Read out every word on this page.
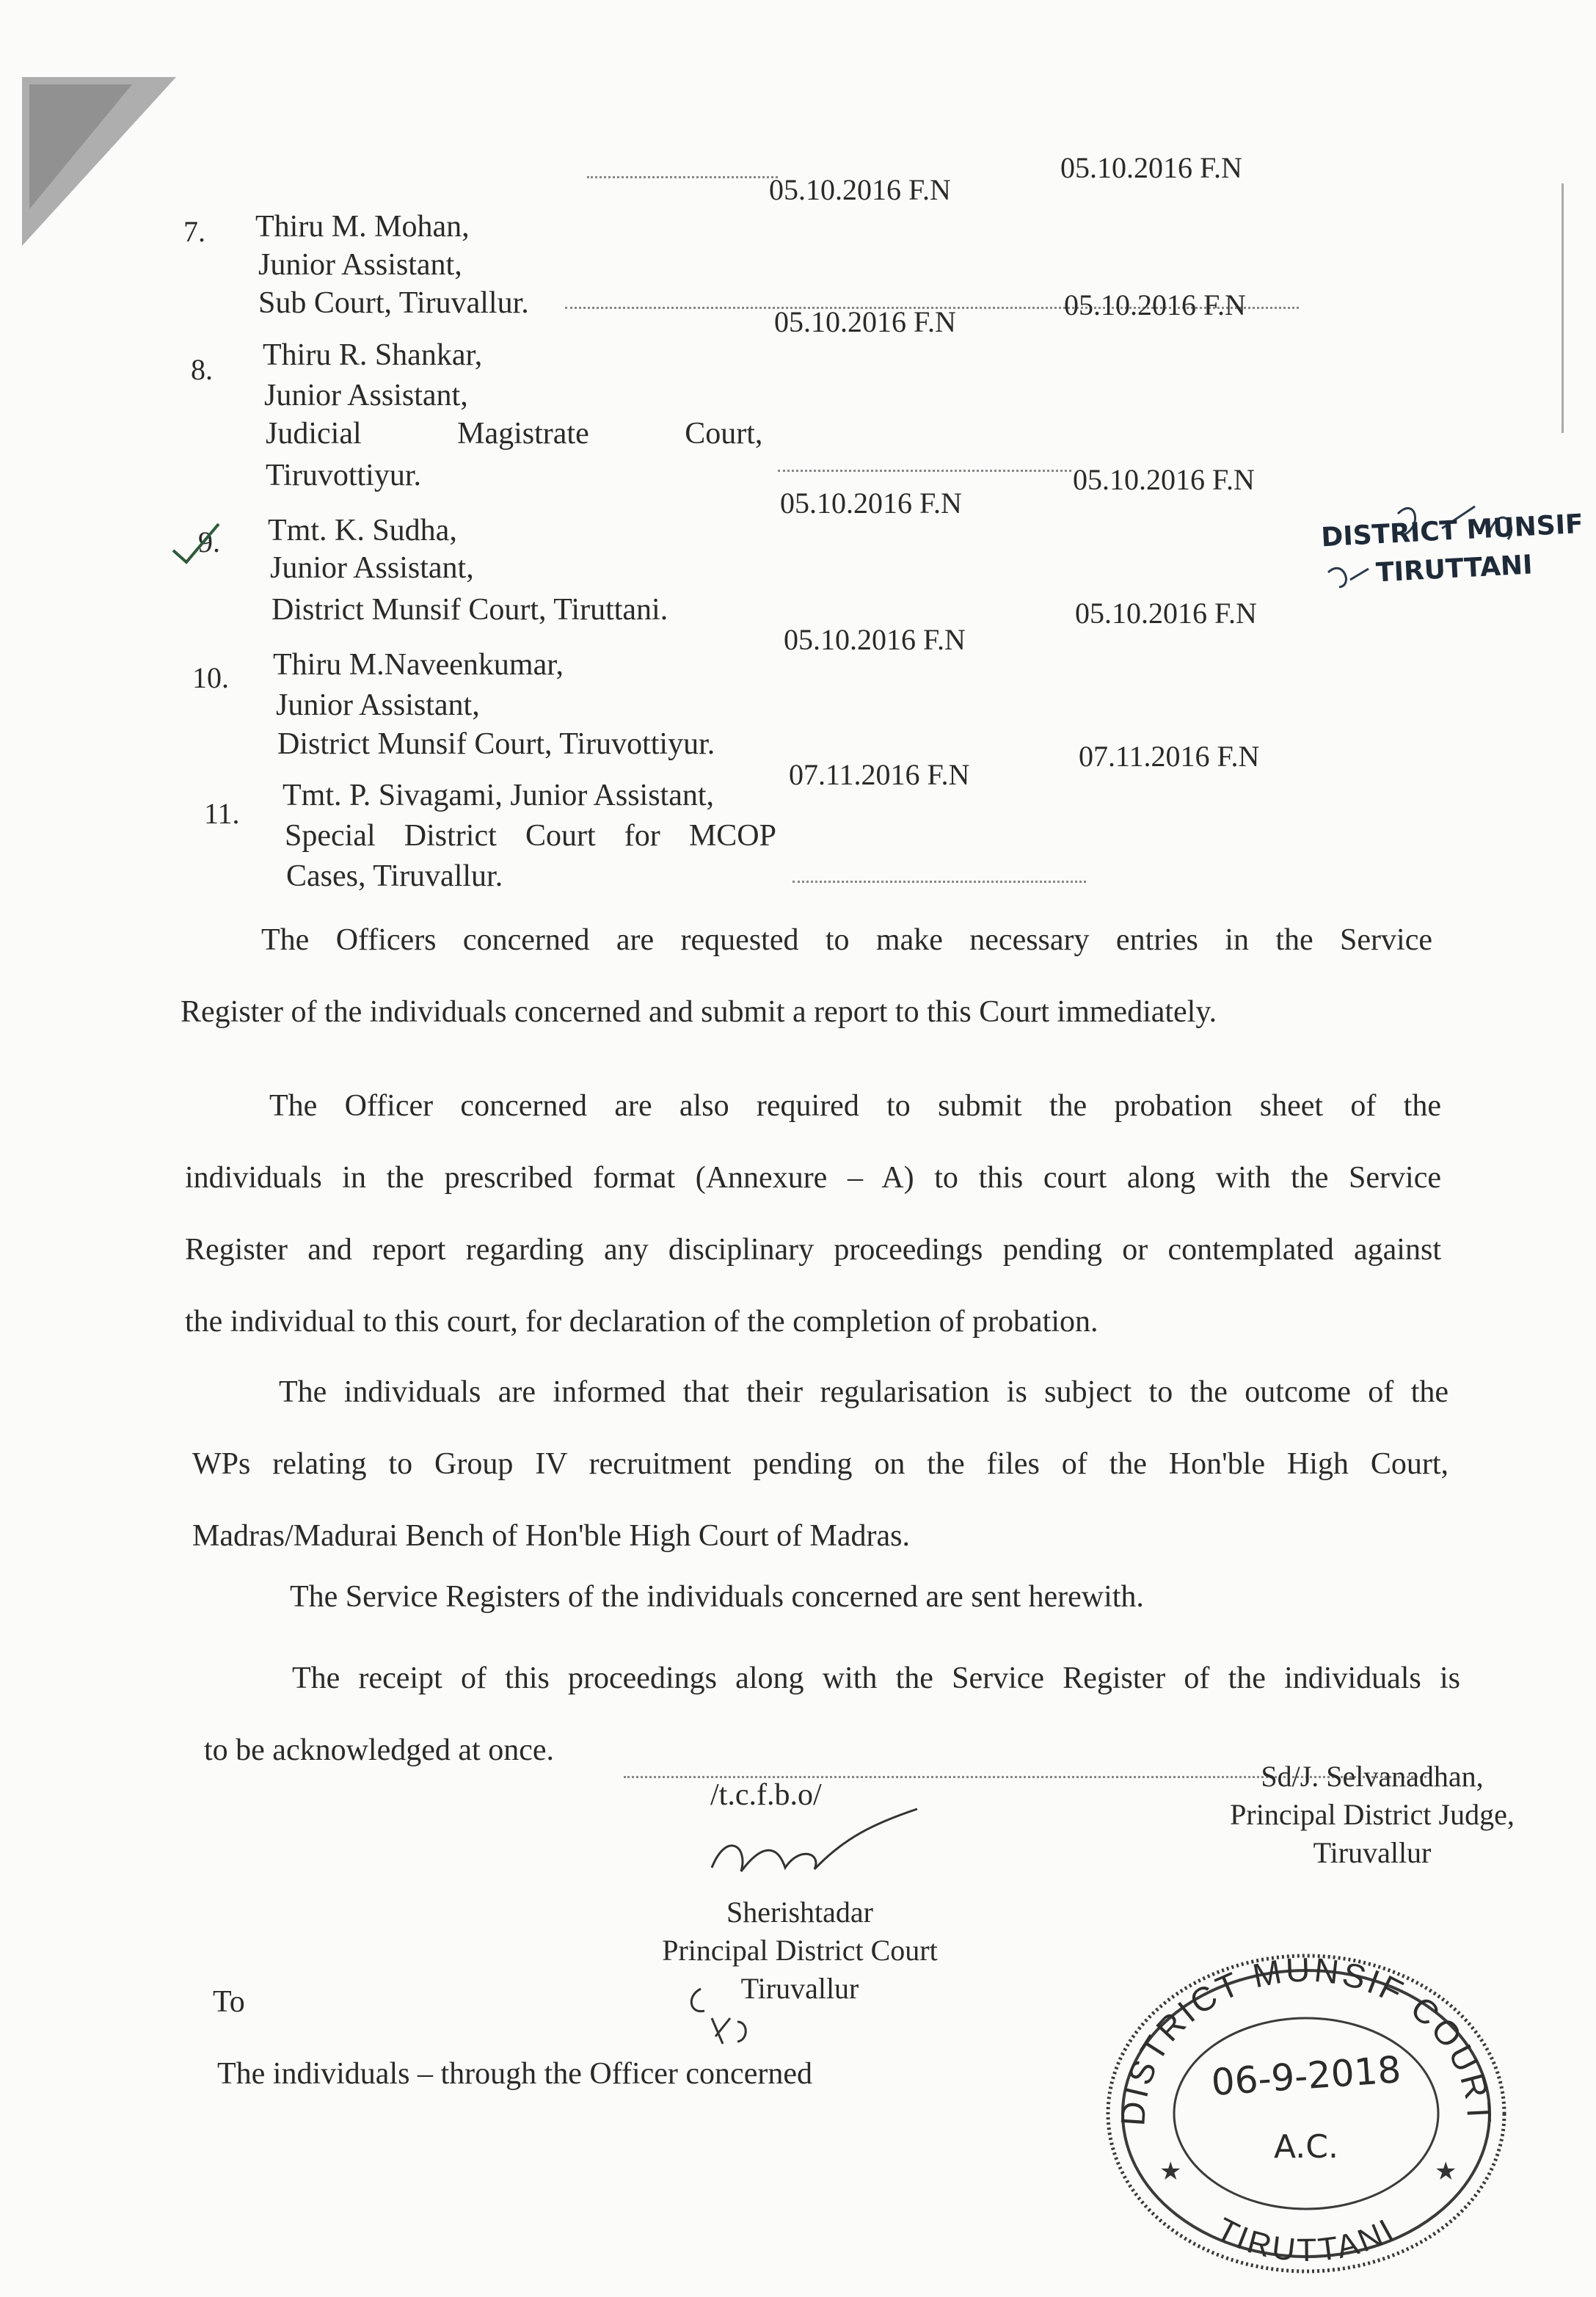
7. Thiru M. Mohan,
Junior Assistant,
Sub Court, Tiruvallur.
05.10.2016 F.N
05.10.2016 F.N
8. Thiru R. Shankar,
Junior Assistant,
Judicial Magistrate Court,
Tiruvottiyur.
05.10.2016 F.N
05.10.2016 F.N
9. Tmt. K. Sudha,
Junior Assistant,
District Munsif Court, Tiruttani.
05.10.2016 F.N
05.10.2016 F.N
10. Thiru M.Naveenkumar,
Junior Assistant,
District Munsif Court, Tiruvottiyur.
05.10.2016 F.N
05.10.2016 F.N
11.
Tmt. P. Sivagami, Junior Assistant,
Special District Court for MCOP
Cases, Tiruvallur.
07.11.2016 F.N
07.11.2016 F.N
The Officers concerned are requested to make necessary entries in the Service
Register of the individuals concerned and submit a report to this Court immediately.
The Officer concerned are also required to submit the probation sheet of the
individuals in the prescribed format (Annexure – A) to this court along with the Service
Register and report regarding any disciplinary proceedings pending or contemplated against
the individual to this court, for declaration of the completion of probation.
The individuals are informed that their regularisation is subject to the outcome of the
WPs relating to Group IV recruitment pending on the files of the Hon'ble High Court,
Madras/Madurai Bench of Hon'ble High Court of Madras.
The Service Registers of the individuals concerned are sent herewith.
The receipt of this proceedings along with the Service Register of the individuals is
to be acknowledged at once.
Sd/J. Selvanadhan,
Principal District Judge,
Tiruvallur
/t.c.f.b.o/
Sherishtadar
Principal District Court
Tiruvallur
To
The individuals – through the Officer concerned
DISTRICT MUNSIF
TIRUTTANI
DISTRICT MUNSIF COURT
TIRUTTANI
★	★
06-9-2018
A.C.
